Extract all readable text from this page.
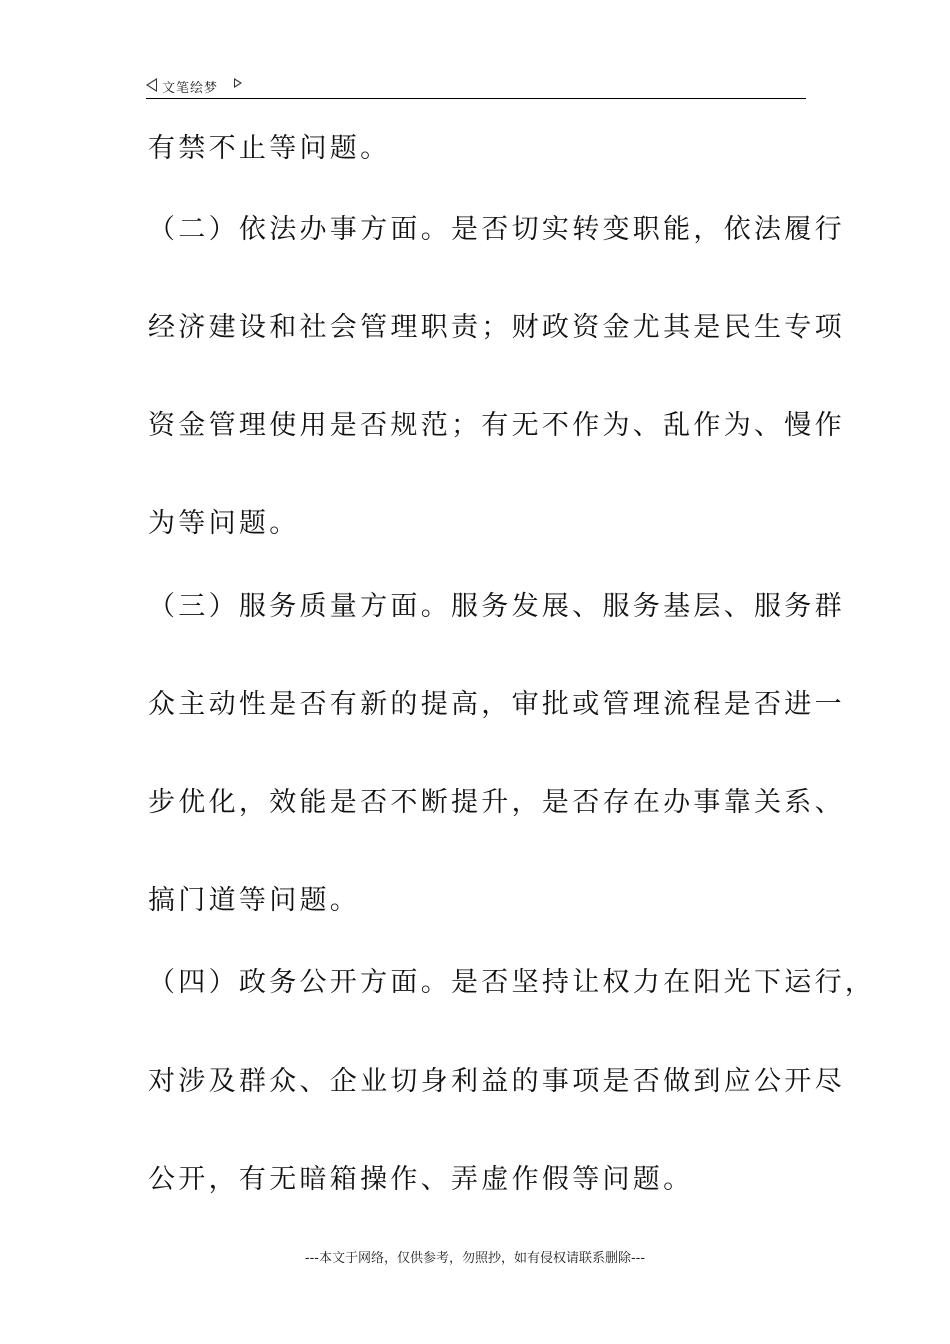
文笔绘梦
有禁不止等问题。
（二）依法办事方面。是否切实转变职能，依法履行
经济建设和社会管理职责；财政资金尤其是民生专项
资金管理使用是否规范；有无不作为、乱作为、慢作
为等问题。
（三）服务质量方面。服务发展、服务基层、服务群
众主动性是否有新的提高，审批或管理流程是否进一
步优化，效能是否不断提升，是否存在办事靠关系、
搞门道等问题。
（四）政务公开方面。是否坚持让权力在阳光下运行，
对涉及群众、企业切身利益的事项是否做到应公开尽
公开，有无暗箱操作、弄虚作假等问题。
---本文于网络，仅供参考，勿照抄，如有侵权请联系删除---
